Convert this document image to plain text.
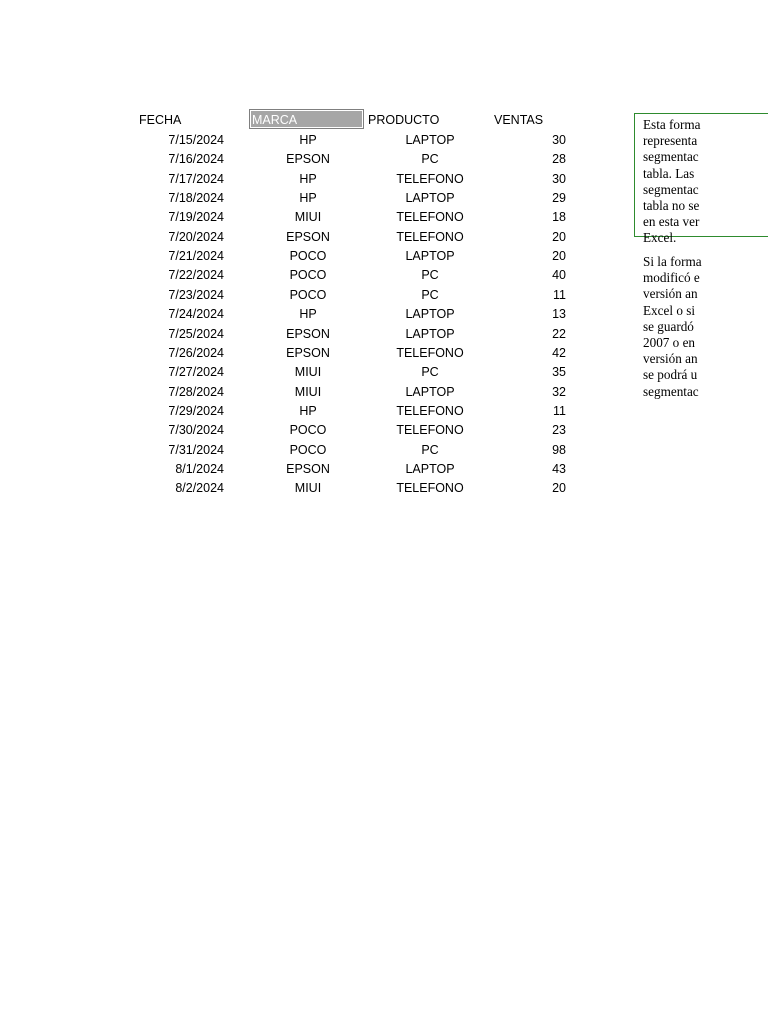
FECHA	MARCA	PRODUCTO	VENTAS
7/15/2024	HP	LAPTOP	30
7/16/2024	EPSON	PC	28
7/17/2024	HP	TELEFONO	30
7/18/2024	HP	LAPTOP	29
7/19/2024	MIUI	TELEFONO	18
7/20/2024	EPSON	TELEFONO	20
7/21/2024	POCO	LAPTOP	20
7/22/2024	POCO	PC	40
7/23/2024	POCO	PC	11
7/24/2024	HP	LAPTOP	13
7/25/2024	EPSON	LAPTOP	22
7/26/2024	EPSON	TELEFONO	42
7/27/2024	MIUI	PC	35
7/28/2024	MIUI	LAPTOP	32
7/29/2024	HP	TELEFONO	11
7/30/2024	POCO	TELEFONO	23
7/31/2024	POCO	PC	98
8/1/2024	EPSON	LAPTOP	43
8/2/2024	MIUI	TELEFONO	20
Esta forma
representa
segmentac
tabla. Las
segmentac
tabla no se
en esta ver
Excel.
Si la forma
modificó e
versión an
Excel o si
se guardó
2007 o en
versión an
se podrá u
segmentac
